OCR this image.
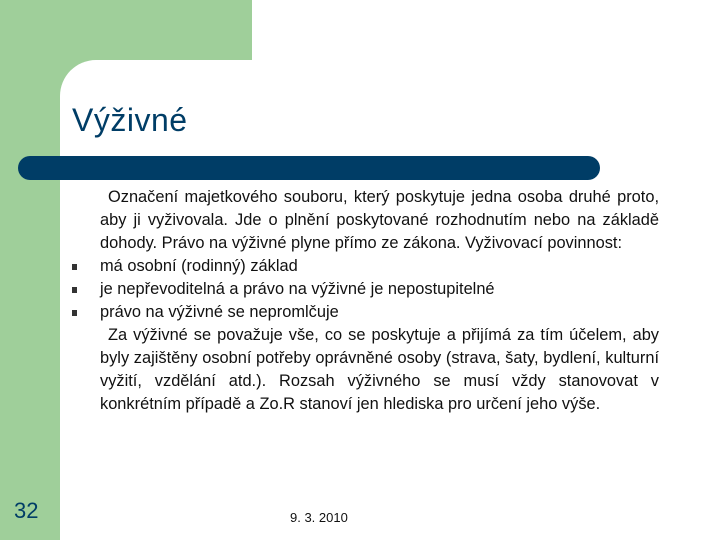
Výživné

Označení majetkového souboru, který poskytuje jedna osoba druhé proto, aby ji vyživovala. Jde o plnění poskytované rozhodnutím nebo na základě dohody. Právo na výživné plyne přímo ze zákona. Vyživovací povinnost:

má osobní (rodinný) základ
je nepřevoditelná a právo na výživné je nepostupitelné
právo na výživné se nepromlčuje

Za výživné se považuje vše, co se poskytuje a přijímá za tím účelem, aby byly zajištěny osobní potřeby oprávněné osoby (strava, šaty, bydlení, kulturní vyžití, vzdělání atd.). Rozsah výživného se musí vždy stanovovat v konkrétním případě a Zo.R stanoví jen hlediska pro určení jeho výše.

32	9. 3. 2010
